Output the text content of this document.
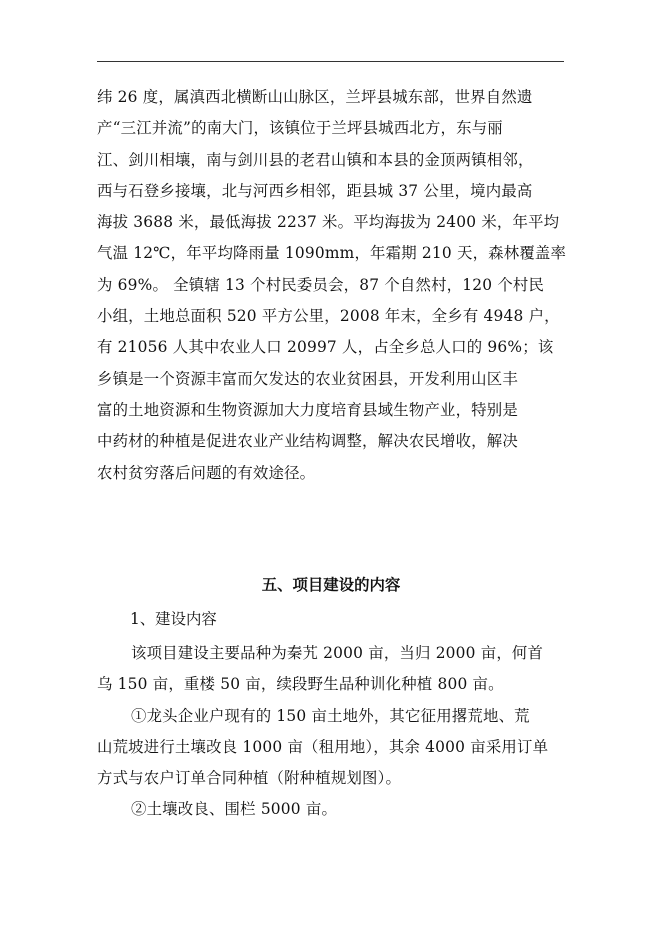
纬 26 度，属滇西北横断山山脉区，兰坪县城东部，世界自然遗
产“三江并流”的南大门，该镇位于兰坪县城西北方，东与丽
江、剑川相壤，南与剑川县的老君山镇和本县的金顶两镇相邻，
西与石登乡接壤，北与河西乡相邻，距县城 37 公里，境内最高
海拔 3688 米，最低海拔 2237 米。平均海拔为 2400 米，年平均
气温 12℃，年平均降雨量 1090mm，年霜期 210 天，森林覆盖率
为 69%。 全镇辖 13 个村民委员会，87 个自然村，120 个村民
小组，土地总面积 520 平方公里，2008 年末，全乡有 4948 户，
有 21056 人其中农业人口 20997 人，占全乡总人口的 96%；该
乡镇是一个资源丰富而欠发达的农业贫困县，开发利用山区丰
富的土地资源和生物资源加大力度培育县域生物产业，特别是
中药材的种植是促进农业产业结构调整，解决农民增收，解决
农村贫穷落后问题的有效途径。
五、项目建设的内容
1、建设内容
该项目建设主要品种为秦艽 2000 亩，当归 2000 亩，何首
乌 150 亩，重楼 50 亩，续段野生品种训化种植 800 亩。
①龙头企业户现有的 150 亩土地外，其它征用撂荒地、荒
山荒坡进行土壤改良 1000 亩（租用地），其余 4000 亩采用订单
方式与农户订单合同种植（附种植规划图）。
②土壤改良、围栏 5000 亩。
